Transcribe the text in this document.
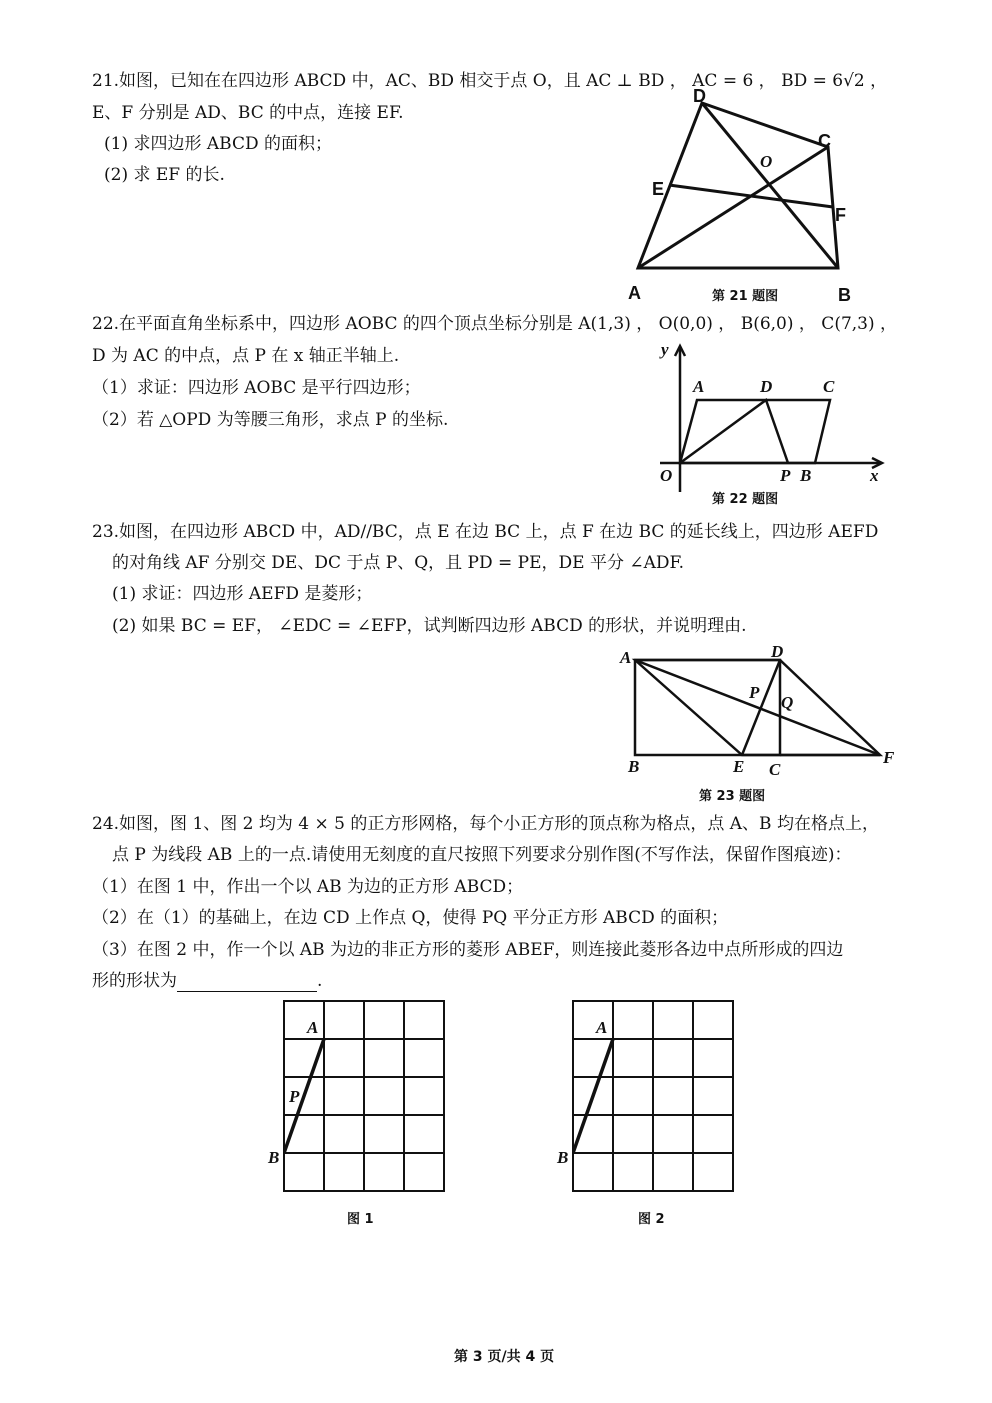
21.如图，已知在在四边形 ABCD 中，AC、BD 相交于点 O，且 AC ⊥ BD ， AC = 6 ， BD = 6√2 ，
E、F 分别是 AD、BC 的中点，连接 EF.
(1) 求四边形 ABCD 的面积；
(2) 求 EF 的长.
D
C
O
E
F
A	B
第 21 题图
22.在平面直角坐标系中，四边形 AOBC 的四个顶点坐标分别是 A(1,3) ， O(0,0) ， B(6,0) ， C(7,3) ，
D 为 AC 的中点，点 P 在 x 轴正半轴上.
（1）求证：四边形 AOBC 是平行四边形；
（2）若 △OPD 为等腰三角形，求点 P 的坐标.
y
A	D	C
O	P B	x
第 22 题图
23.如图，在四边形 ABCD 中，AD//BC，点 E 在边 BC 上，点 F 在边 BC 的延长线上，四边形 AEFD
的对角线 AF 分别交 DE、DC 于点 P、Q，且 PD = PE，DE 平分 ∠ADF.
(1) 求证：四边形 AEFD 是菱形；
(2) 如果 BC = EF， ∠EDC = ∠EFP，试判断四边形 ABCD 的形状，并说明理由.
A	D
P
Q
B	E C
F
第 23 题图
24.如图，图 1、图 2 均为 4 × 5 的正方形网格，每个小正方形的顶点称为格点，点 A、B 均在格点上，
点 P 为线段 AB 上的一点.请使用无刻度的直尺按照下列要求分别作图(不写作法，保留作图痕迹)：
（1）在图 1 中，作出一个以 AB 为边的正方形 ABCD；
（2）在（1）的基础上，在边 CD 上作点 Q，使得 PQ 平分正方形 ABCD 的面积；
（3）在图 2 中，作一个以 AB 为边的非正方形的菱形 ABEF，则连接此菱形各边中点所形成的四边
形的形状为	.
A
P
B
图 1
A
B
图 2
第 3 页/共 4 页
